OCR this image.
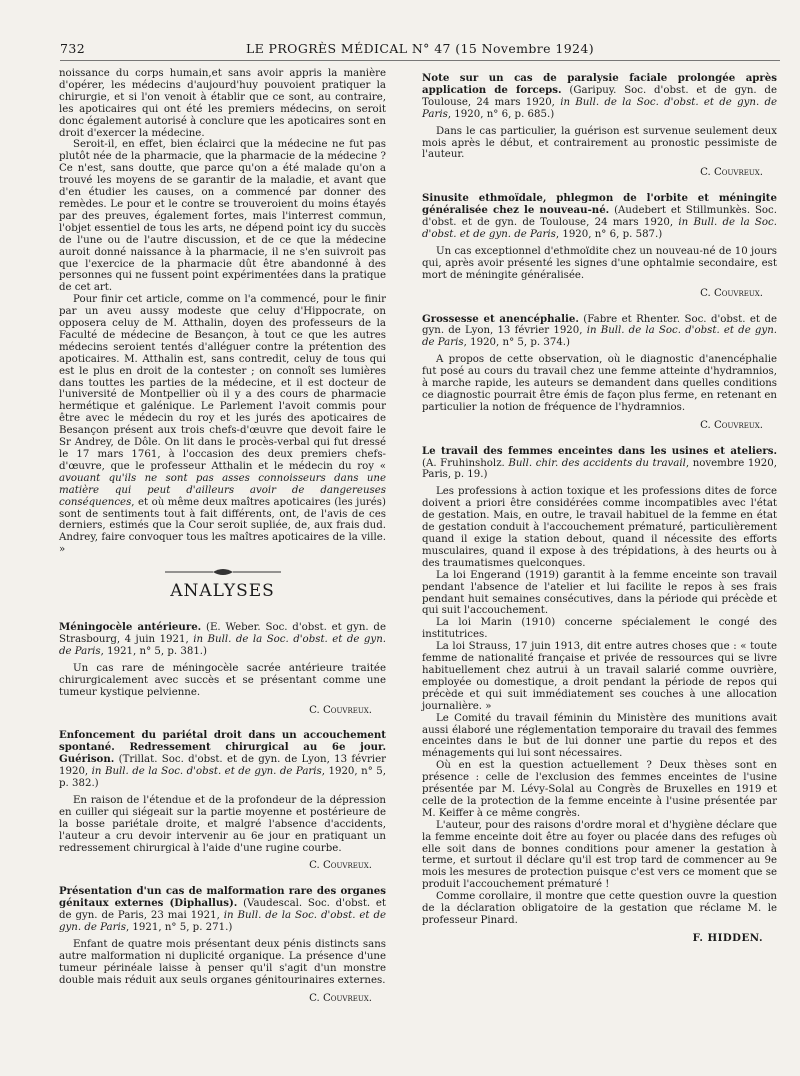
732	LE PROGRÈS MÉDICAL N° 47 (15 Novembre 1924)

noissance du corps humain,et sans avoir appris la manière d'opérer, les médecins d'aujourd'huy pouvoient pratiquer la chirurgie, et si l'on venoit à établir que ce sont, au contraire, les apoticaires qui ont été les premiers médecins, on seroit donc également autorisé à conclure que les apoticaires sont en droit d'exercer la médecine.

Seroit-il, en effet, bien éclairci que la médecine ne fut pas plutôt née de la pharmacie, que la pharmacie de la médecine ? Ce n'est, sans doutte, que parce qu'on a été malade qu'on a trouvé les moyens de se garantir de la maladie, et avant que d'en étudier les causes, on a commencé par donner des remèdes. Le pour et le contre se trouveroient du moins étayés par des preuves, également fortes, mais l'interrest commun, l'objet essentiel de tous les arts, ne dépend point icy du succès de l'une ou de l'autre discussion, et de ce que la médecine auroit donné naissance à la pharmacie, il ne s'en suivroit pas que l'exercice de la pharmacie dût être abandonné à des personnes qui ne fussent point expérimentées dans la pratique de cet art.

Pour finir cet article, comme on l'a commencé, pour le finir par un aveu aussy modeste que celuy d'Hippocrate, on opposera celuy de M. Atthalin, doyen des professeurs de la Faculté de médecine de Besançon, à tout ce que les autres médecins seroient tentés d'alléguer contre la prétention des apoticaires. M. Atthalin est, sans contredit, celuy de tous qui est le plus en droit de la contester ; on connoît ses lumières dans touttes les parties de la médecine, et il est docteur de l'université de Montpellier où il y a des cours de pharmacie hermétique et galénique. Le Parlement l'avoit commis pour être avec le médecin du roy et les jurés des apoticaires de Besançon présent aux trois chefs-d'œuvre que devoit faire le Sr Andrey, de Dôle. On lit dans le procès-verbal qui fut dressé le 17 mars 1761, à l'occasion des deux premiers chefs-d'œuvre, que le professeur Atthalin et le médecin du roy « avouant qu'ils ne sont pas asses connoisseurs dans une matière qui peut d'ailleurs avoir de dangereuses conséquences, et où même deux maîtres apoticaires (les jurés) sont de sentiments tout à fait différents, ont, de l'avis de ces derniers, estimés que la Cour seroit supliée, de, aux frais dud. Andrey, faire convoquer tous les maîtres apoticaires de la ville. »

ANALYSES

Méningocèle antérieure. (E. Weber. Soc. d'obst. et gyn. de Strasbourg, 4 juin 1921, in Bull. de la Soc. d'obst. et de gyn. de Paris, 1921, n° 5, p. 381.)

Un cas rare de méningocèle sacrée antérieure traitée chirurgicalement avec succès et se présentant comme une tumeur kystique pelvienne.

C. Couvreux.

Enfoncement du pariétal droit dans un accouchement spontané. Redressement chirurgical au 6e jour. Guérison. (Trillat. Soc. d'obst. et de gyn. de Lyon, 13 février 1920, in Bull. de la Soc. d'obst. et de gyn. de Paris, 1920, n° 5, p. 382.)

En raison de l'étendue et de la profondeur de la dépression en cuiller qui siégeait sur la partie moyenne et postérieure de la bosse pariétale droite, et malgré l'absence d'accidents, l'auteur a cru devoir intervenir au 6e jour en pratiquant un redressement chirurgical à l'aide d'une rugine courbe.

C. Couvreux.

Présentation d'un cas de malformation rare des organes génitaux externes (Diphallus). (Vaudescal. Soc. d'obst. et de gyn. de Paris, 23 mai 1921, in Bull. de la Soc. d'obst. et de gyn. de Paris, 1921, n° 5, p. 271.)

Enfant de quatre mois présentant deux pénis distincts sans autre malformation ni duplicité organique. La présence d'une tumeur périnéale laisse à penser qu'il s'agit d'un monstre double mais réduit aux seuls organes génitourinaires externes.

C. Couvreux.

Note sur un cas de paralysie faciale prolongée après application de forceps. (Garipuy. Soc. d'obst. et de gyn. de Toulouse, 24 mars 1920, in Bull. de la Soc. d'obst. et de gyn. de Paris, 1920, n° 6, p. 685.)

Dans le cas particulier, la guérison est survenue seulement deux mois après le début, et contrairement au pronostic pessimiste de l'auteur.

C. Couvreux.

Sinusite ethmoïdale, phlegmon de l'orbite et méningite généralisée chez le nouveau-né. (Audebert et Stillmunkès. Soc. d'obst. et de gyn. de Toulouse, 24 mars 1920, in Bull. de la Soc. d'obst. et de gyn. de Paris, 1920, n° 6, p. 587.)

Un cas exceptionnel d'ethmoïdite chez un nouveau-né de 10 jours qui, après avoir présenté les signes d'une ophtalmie secondaire, est mort de méningite généralisée.

C. Couvreux.

Grossesse et anencéphalie. (Fabre et Rhenter. Soc. d'obst. et de gyn. de Lyon, 13 février 1920, in Bull. de la Soc. d'obst. et de gyn. de Paris, 1920, n° 5, p. 374.)

A propos de cette observation, où le diagnostic d'anencéphalie fut posé au cours du travail chez une femme atteinte d'hydramnios, à marche rapide, les auteurs se demandent dans quelles conditions ce diagnostic pourrait être émis de façon plus ferme, en retenant en particulier la notion de fréquence de l'hydramnios.

C. Couvreux.

Le travail des femmes enceintes dans les usines et ateliers. (A. Fruhinsholz. Bull. chir. des accidents du travail, novembre 1920, Paris, p. 19.)

Les professions à action toxique et les professions dites de force doivent a priori être considérées comme incompatibles avec l'état de gestation. Mais, en outre, le travail habituel de la femme en état de gestation conduit à l'accouchement prématuré, particulièrement quand il exige la station debout, quand il nécessite des efforts musculaires, quand il expose à des trépidations, à des heurts ou à des traumatismes quelconques.

La loi Engerand (1919) garantit à la femme enceinte son travail pendant l'absence de l'atelier et lui facilite le repos à ses frais pendant huit semaines consécutives, dans la période qui précède et qui suit l'accouchement.

La loi Marin (1910) concerne spécialement le congé des institutrices.

La loi Strauss, 17 juin 1913, dit entre autres choses que : « toute femme de nationalité française et privée de ressources qui se livre habituellement chez autrui à un travail salarié comme ouvrière, employée ou domestique, a droit pendant la période de repos qui précède et qui suit immédiatement ses couches à une allocation journalière. »

Le Comité du travail féminin du Ministère des munitions avait aussi élaboré une réglementation temporaire du travail des femmes enceintes dans le but de lui donner une partie du repos et des ménagements qui lui sont nécessaires.

Où en est la question actuellement ? Deux thèses sont en présence : celle de l'exclusion des femmes enceintes de l'usine présentée par M. Lévy-Solal au Congrès de Bruxelles en 1919 et celle de la protection de la femme enceinte à l'usine présentée par M. Keiffer à ce même congrès.

L'auteur, pour des raisons d'ordre moral et d'hygiène déclare que la femme enceinte doit être au foyer ou placée dans des refuges où elle soit dans de bonnes conditions pour amener la gestation à terme, et surtout il déclare qu'il est trop tard de commencer au 9e mois les mesures de protection puisque c'est vers ce moment que se produit l'accouchement prématuré !

Comme corollaire, il montre que cette question ouvre la question de la déclaration obligatoire de la gestation que réclame M. le professeur Pinard.

F. HIDDEN.
